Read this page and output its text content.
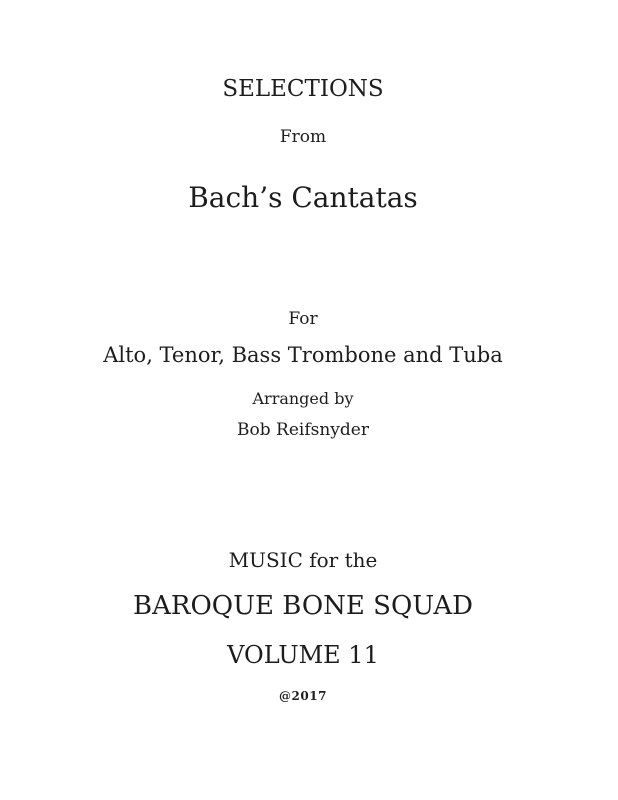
SELECTIONS
From
Bach’s Cantatas
For
Alto, Tenor, Bass Trombone and Tuba
Arranged by
Bob Reifsnyder
MUSIC for the
BAROQUE BONE SQUAD
VOLUME 11
@2017
